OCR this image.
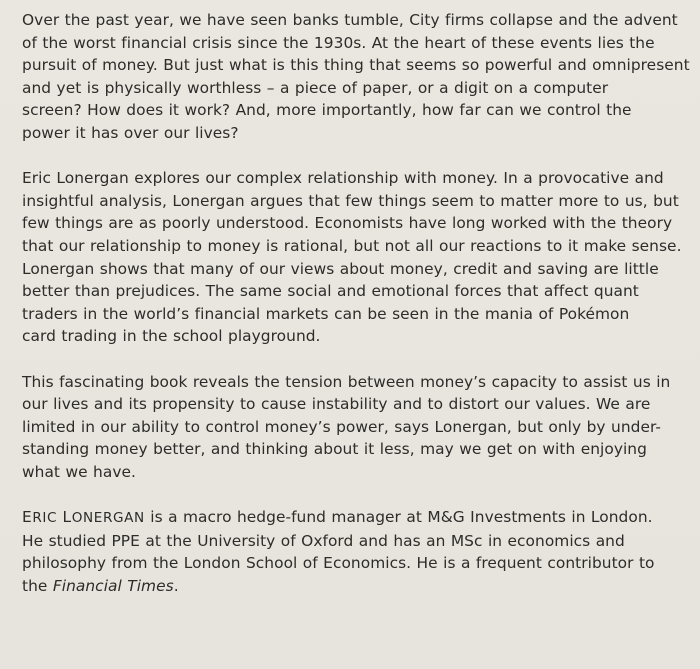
Over the past year, we have seen banks tumble, City firms collapse and the advent
of the worst financial crisis since the 1930s. At the heart of these events lies the
pursuit of money. But just what is this thing that seems so powerful and omnipresent
and yet is physically worthless – a piece of paper, or a digit on a computer
screen? How does it work? And, more importantly, how far can we control the
power it has over our lives?
Eric Lonergan explores our complex relationship with money. In a provocative and
insightful analysis, Lonergan argues that few things seem to matter more to us, but
few things are as poorly understood. Economists have long worked with the theory
that our relationship to money is rational, but not all our reactions to it make sense.
Lonergan shows that many of our views about money, credit and saving are little
better than prejudices. The same social and emotional forces that affect quant
traders in the world’s financial markets can be seen in the mania of Pokémon
card trading in the school playground.
This fascinating book reveals the tension between money’s capacity to assist us in
our lives and its propensity to cause instability and to distort our values. We are
limited in our ability to control money’s power, says Lonergan, but only by under-
standing money better, and thinking about it less, may we get on with enjoying
what we have.
ERIC LONERGAN is a macro hedge-fund manager at M&G Investments in London.
He studied PPE at the University of Oxford and has an MSc in economics and
philosophy from the London School of Economics. He is a frequent contributor to
the Financial Times.
